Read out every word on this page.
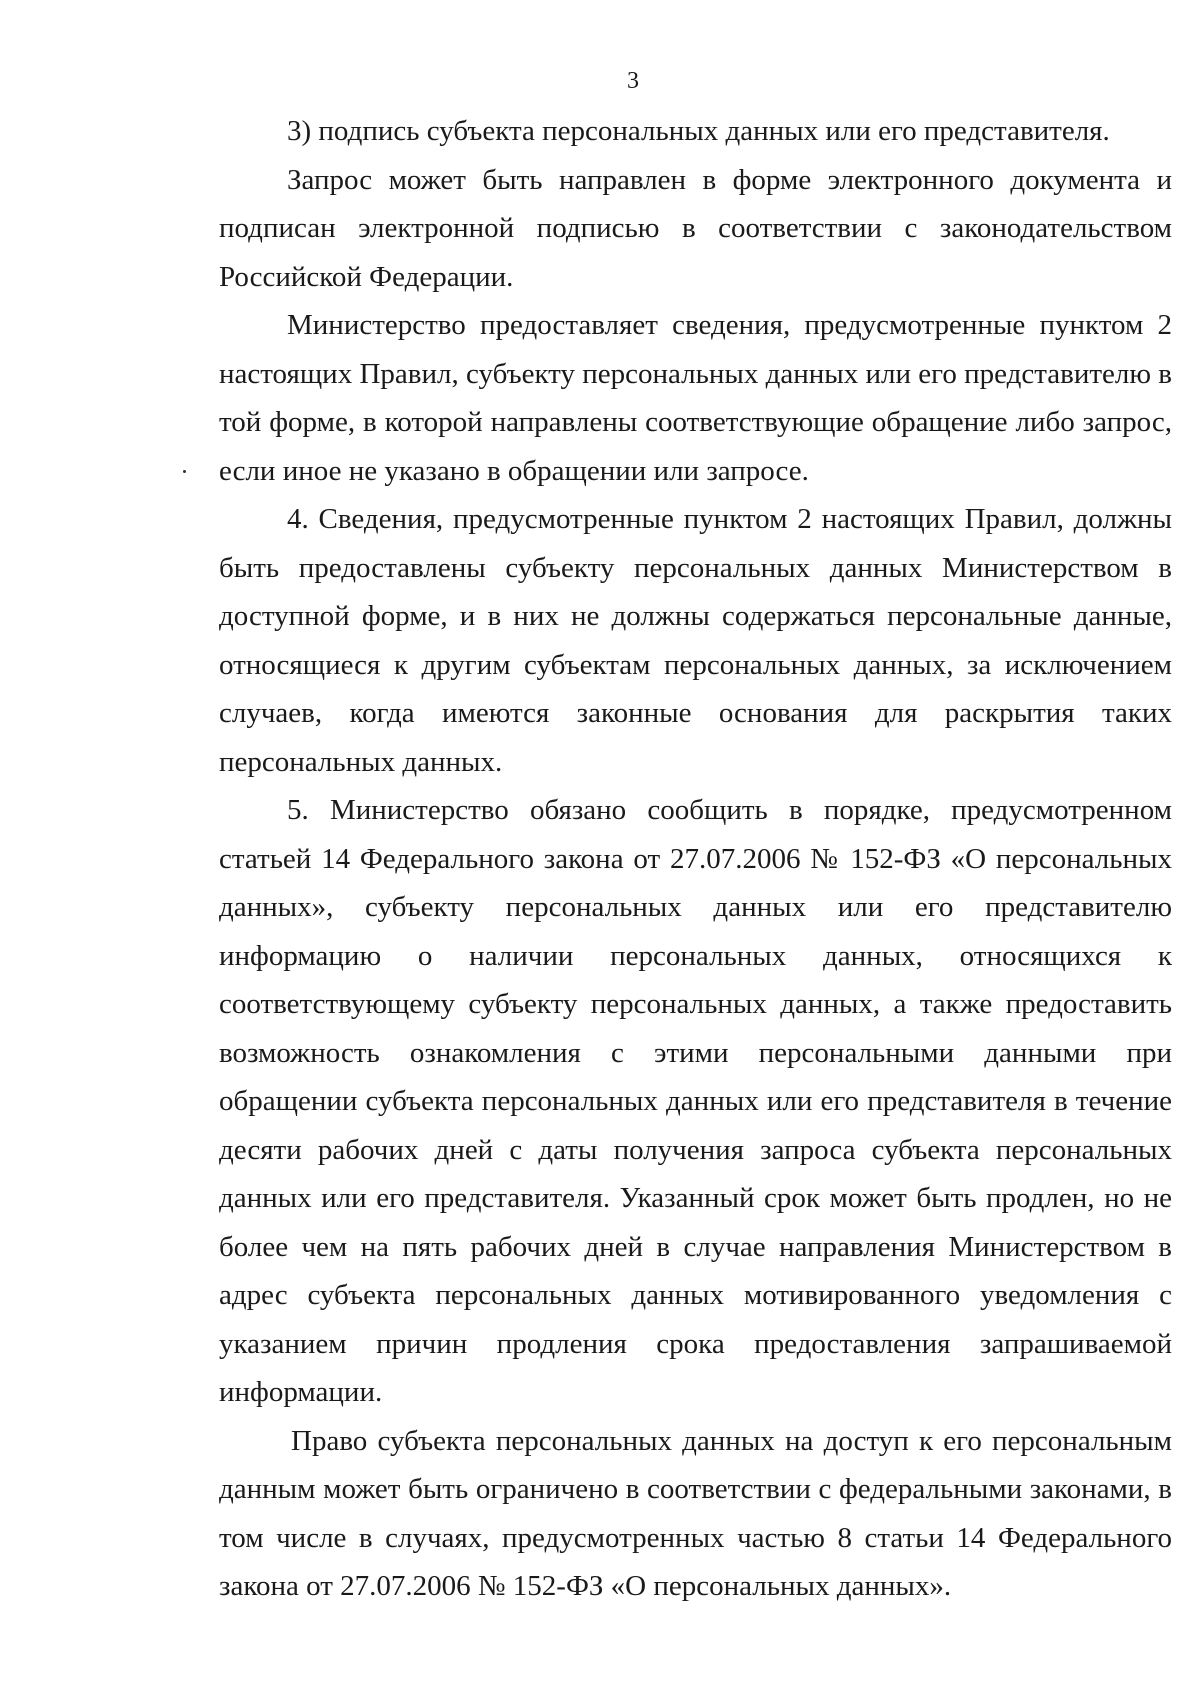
3

3) подпись субъекта персональных данных или его представителя.

Запрос может быть направлен в форме электронного документа и подписан электронной подписью в соответствии с законодательством Российской Федерации.

Министерство предоставляет сведения, предусмотренные пунктом 2 настоящих Правил, субъекту персональных данных или его представителю в той форме, в которой направлены соответствующие обращение либо запрос, если иное не указано в обращении или запросе.

4. Сведения, предусмотренные пунктом 2 настоящих Правил, должны быть предоставлены субъекту персональных данных Министерством в доступной форме, и в них не должны содержаться персональные данные, относящиеся к другим субъектам персональных данных, за исключением случаев, когда имеются законные основания для раскрытия таких персональных данных.

5. Министерство обязано сообщить в порядке, предусмотренном статьей 14 Федерального закона от 27.07.2006 № 152-ФЗ «О персональных данных», субъекту персональных данных или его представителю информацию о наличии персональных данных, относящихся к соответствующему субъекту персональных данных, а также предоставить возможность ознакомления с этими персональными данными при обращении субъекта персональных данных или его представителя в течение десяти рабочих дней с даты получения запроса субъекта персональных данных или его представителя. Указанный срок может быть продлен, но не более чем на пять рабочих дней в случае направления Министерством в адрес субъекта персональных данных мотивированного уведомления с указанием причин продления срока предоставления запрашиваемой информации.

Право субъекта персональных данных на доступ к его персональным данным может быть ограничено в соответствии с федеральными законами, в том числе в случаях, предусмотренных частью 8 статьи 14 Федерального закона от 27.07.2006 № 152-ФЗ «О персональных данных».
